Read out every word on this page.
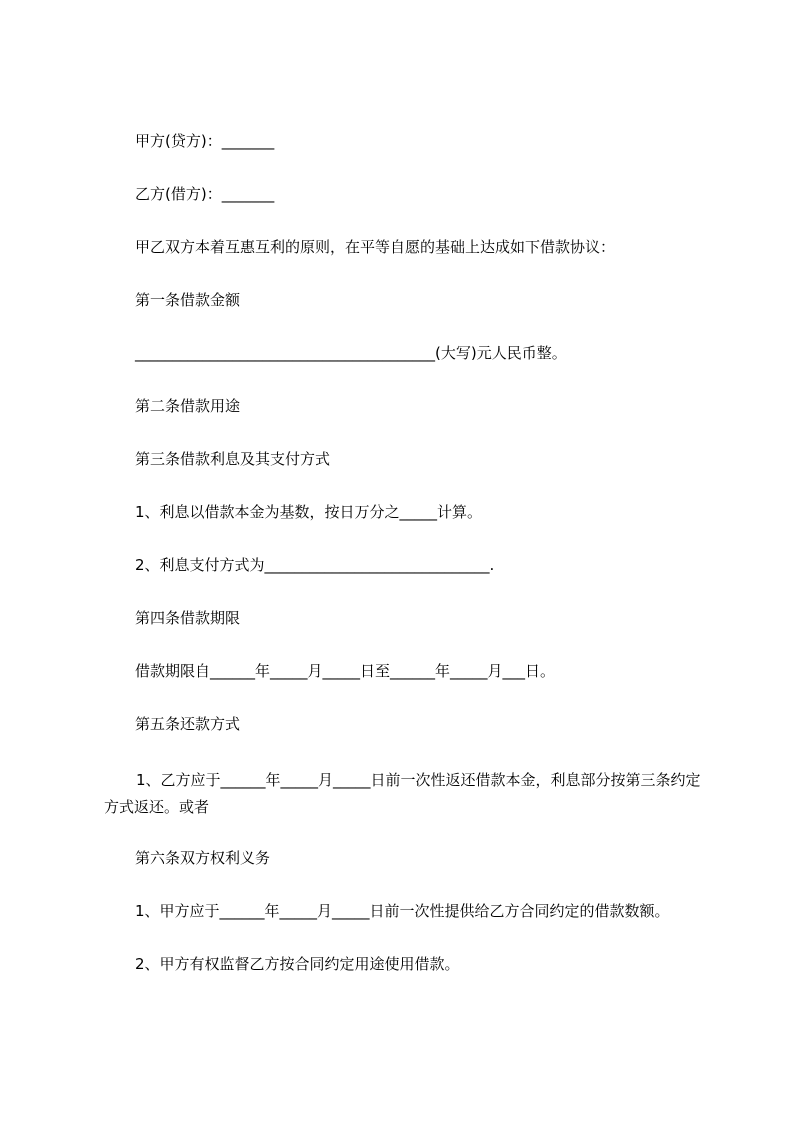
甲方(贷方)：_______
乙方(借方)：_______
甲乙双方本着互惠互利的原则，在平等自愿的基础上达成如下借款协议：
第一条借款金额
________________________________________(大写)元人民币整。
第二条借款用途
第三条借款利息及其支付方式
1、利息以借款本金为基数，按日万分之_____计算。
2、利息支付方式为______________________________.
第四条借款期限
借款期限自______年_____月_____日至______年_____月___日。
第五条还款方式
1、乙方应于______年_____月_____日前一次性返还借款本金，利息部分按第三条约定方式返还。或者
第六条双方权利义务
1、甲方应于______年_____月_____日前一次性提供给乙方合同约定的借款数额。
2、甲方有权监督乙方按合同约定用途使用借款。
